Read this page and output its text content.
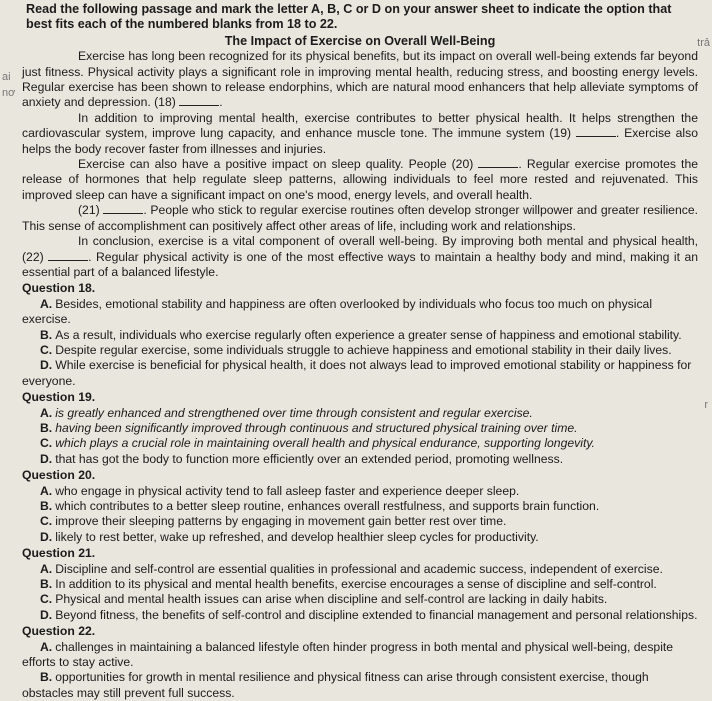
Read the following passage and mark the letter A, B, C or D on your answer sheet to indicate the option that best fits each of the numbered blanks from 18 to 22.

The Impact of Exercise on Overall Well-Being

Exercise has long been recognized for its physical benefits, but its impact on overall well-being extends far beyond just fitness. Physical activity plays a significant role in improving mental health, reducing stress, and boosting energy levels. Regular exercise has been shown to release endorphins, which are natural mood enhancers that help alleviate symptoms of anxiety and depression. (18)	.

In addition to improving mental health, exercise contributes to better physical health. It helps strengthen the cardiovascular system, improve lung capacity, and enhance muscle tone. The immune system (19)	. Exercise also helps the body recover faster from illnesses and injuries.

Exercise can also have a positive impact on sleep quality. People (20)	. Regular exercise promotes the release of hormones that help regulate sleep patterns, allowing individuals to feel more rested and rejuvenated. This improved sleep can have a significant impact on one's mood, energy levels, and overall health.

(21)	. People who stick to regular exercise routines often develop stronger willpower and greater resilience. This sense of accomplishment can positively affect other areas of life, including work and relationships.

In conclusion, exercise is a vital component of overall well-being. By improving both mental and physical health, (22)	. Regular physical activity is one of the most effective ways to maintain a healthy body and mind, making it an essential part of a balanced lifestyle.

Question 18.

A. Besides, emotional stability and happiness are often overlooked by individuals who focus too much on physical exercise.

B. As a result, individuals who exercise regularly often experience a greater sense of happiness and emotional stability.

C. Despite regular exercise, some individuals struggle to achieve happiness and emotional stability in their daily lives.

D. While exercise is beneficial for physical health, it does not always lead to improved emotional stability or happiness for everyone.

Question 19.

A. is greatly enhanced and strengthened over time through consistent and regular exercise.

B. having been significantly improved through continuous and structured physical training over time.

C. which plays a crucial role in maintaining overall health and physical endurance, supporting longevity.

D. that has got the body to function more efficiently over an extended period, promoting wellness.

Question 20.

A. who engage in physical activity tend to fall asleep faster and experience deeper sleep.

B. which contributes to a better sleep routine, enhances overall restfulness, and supports brain function.

C. improve their sleeping patterns by engaging in movement gain better rest over time.

D. likely to rest better, wake up refreshed, and develop healthier sleep cycles for productivity.

Question 21.

A. Discipline and self-control are essential qualities in professional and academic success, independent of exercise.

B. In addition to its physical and mental health benefits, exercise encourages a sense of discipline and self-control.

C. Physical and mental health issues can arise when discipline and self-control are lacking in daily habits.

D. Beyond fitness, the benefits of self-control and discipline extended to financial management and personal relationships.

Question 22.

A. challenges in maintaining a balanced lifestyle often hinder progress in both mental and physical well-being, despite efforts to stay active.

B. opportunities for growth in mental resilience and physical fitness can arise through consistent exercise, though obstacles may still prevent full success.

trả
ai
nơ
r
